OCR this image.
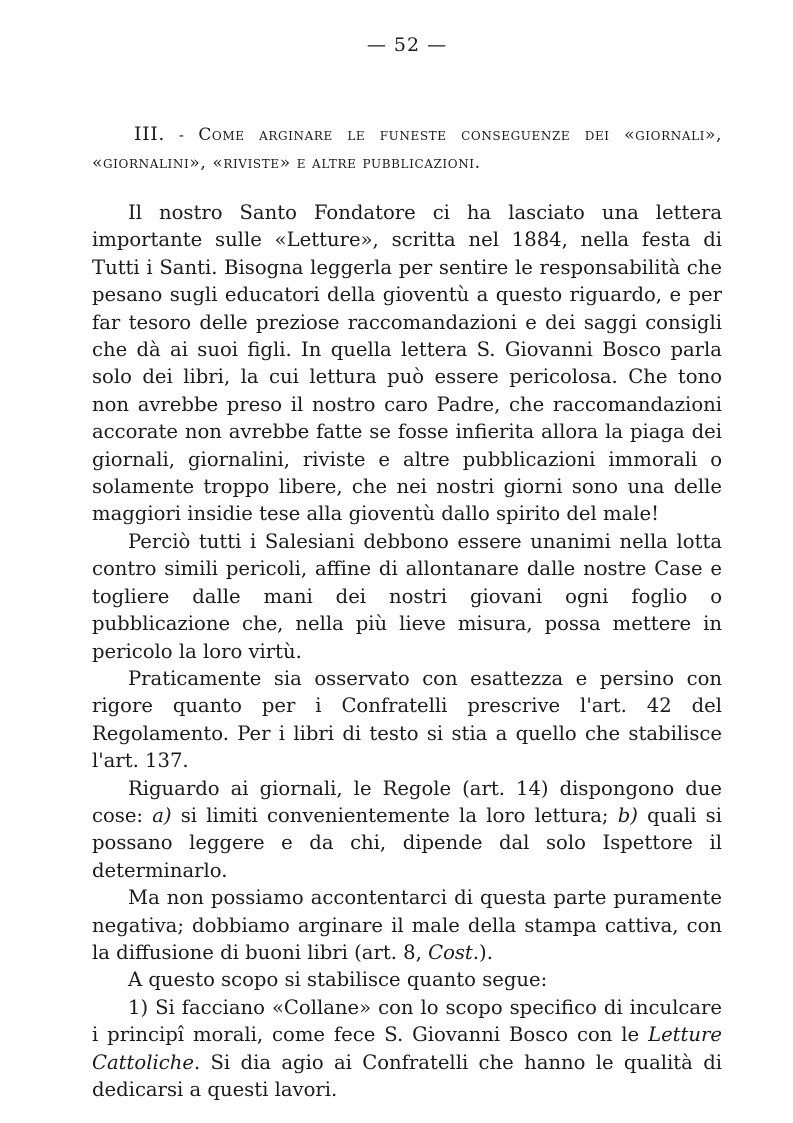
— 52 —
III. - Come arginare le funeste conseguenze dei «giornali», «giornalini», «riviste» e altre pubblicazioni.

Il nostro Santo Fondatore ci ha lasciato una lettera importante sulle «Letture», scritta nel 1884, nella festa di Tutti i Santi. Bisogna leggerla per sentire le responsabilità che pesano sugli educatori della gioventù a questo riguardo, e per far tesoro delle preziose raccomandazioni e dei saggi consigli che dà ai suoi figli. In quella lettera S. Giovanni Bosco parla solo dei libri, la cui lettura può essere pericolosa. Che tono non avrebbe preso il nostro caro Padre, che raccomandazioni accorate non avrebbe fatte se fosse infierita allora la piaga dei giornali, giornalini, riviste e altre pubblicazioni immorali o solamente troppo libere, che nei nostri giorni sono una delle maggiori insidie tese alla gioventù dallo spirito del male!

Perciò tutti i Salesiani debbono essere unanimi nella lotta contro simili pericoli, affine di allontanare dalle nostre Case e togliere dalle mani dei nostri giovani ogni foglio o pubblicazione che, nella più lieve misura, possa mettere in pericolo la loro virtù.

Praticamente sia osservato con esattezza e persino con rigore quanto per i Confratelli prescrive l'art. 42 del Regolamento. Per i libri di testo si stia a quello che stabilisce l'art. 137.

Riguardo ai giornali, le Regole (art. 14) dispongono due cose: a) si limiti convenientemente la loro lettura; b) quali si possano leggere e da chi, dipende dal solo Ispettore il determinarlo.

Ma non possiamo accontentarci di questa parte puramente negativa; dobbiamo arginare il male della stampa cattiva, con la diffusione di buoni libri (art. 8, Cost.).

A questo scopo si stabilisce quanto segue:

1) Si facciano «Collane» con lo scopo specifico di inculcare i principî morali, come fece S. Giovanni Bosco con le Letture Cattoliche. Si dia agio ai Confratelli che hanno le qualità di dedicarsi a questi lavori.
